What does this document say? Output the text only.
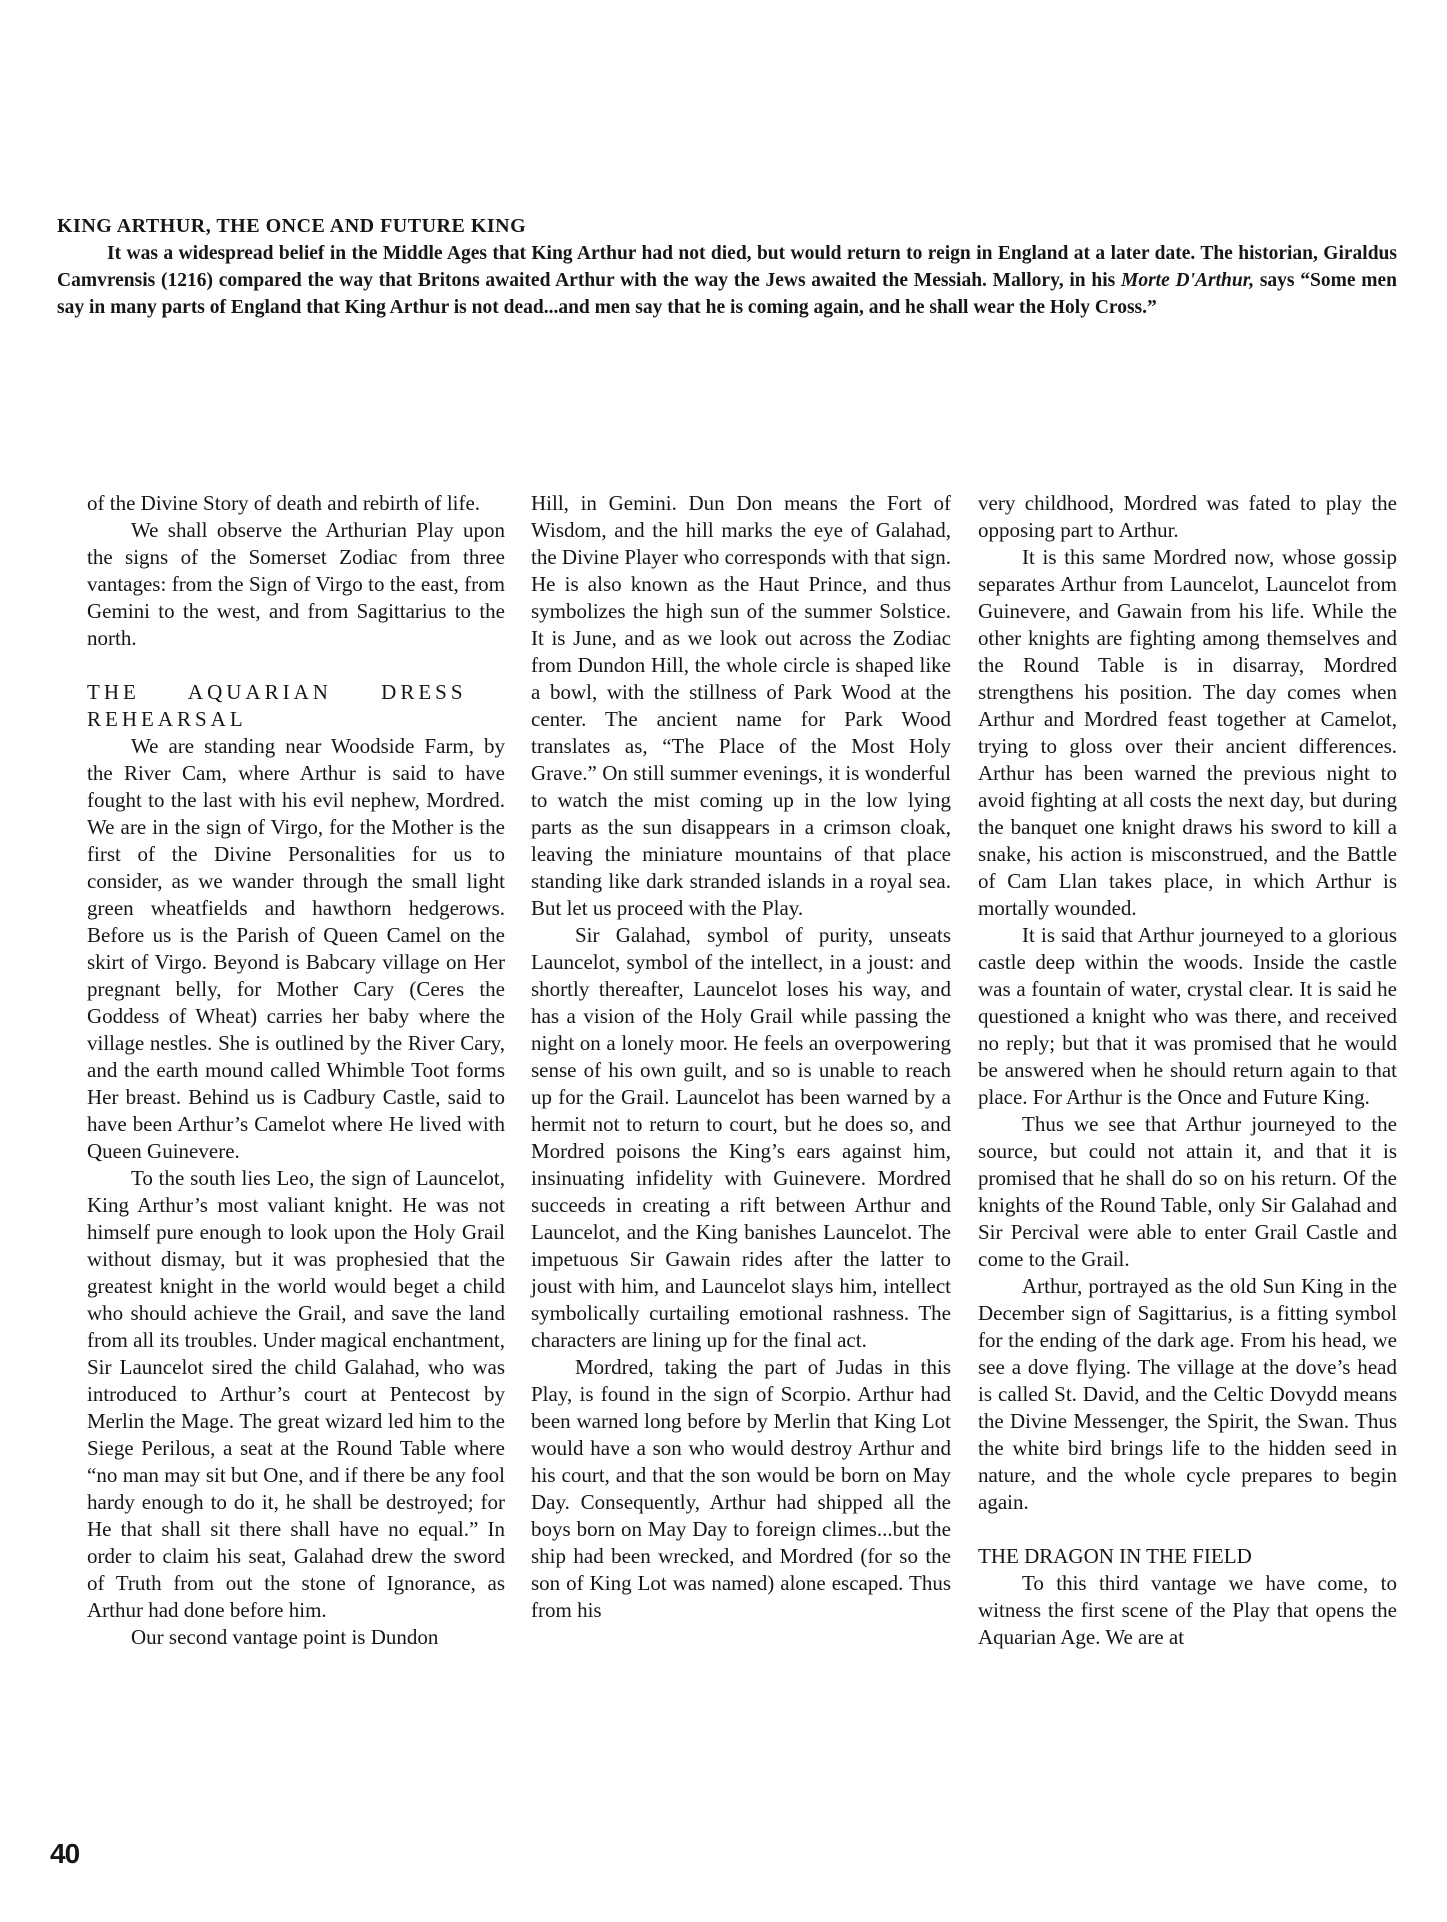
KING ARTHUR, THE ONCE AND FUTURE KING

It was a widespread belief in the Middle Ages that King Arthur had not died, but would return to reign in England at a later date. The historian, Giraldus Camvrensis (1216) compared the way that Britons awaited Arthur with the way the Jews awaited the Messiah. Mallory, in his Morte D'Arthur, says “Some men say in many parts of England that King Arthur is not dead...and men say that he is coming again, and he shall wear the Holy Cross.”

of the Divine Story of death and rebirth of life.

We shall observe the Arthurian Play upon the signs of the Somerset Zodiac from three vantages: from the Sign of Virgo to the east, from Gemini to the west, and from Sagittarius to the north.

THE AQUARIAN DRESS REHEARSAL

We are standing near Woodside Farm, by the River Cam, where Arthur is said to have fought to the last with his evil nephew, Mordred. We are in the sign of Virgo, for the Mother is the first of the Divine Personalities for us to consider, as we wander through the small light green wheatfields and hawthorn hedgerows. Before us is the Parish of Queen Camel on the skirt of Virgo. Beyond is Babcary village on Her pregnant belly, for Mother Cary (Ceres the Goddess of Wheat) carries her baby where the village nestles. She is outlined by the River Cary, and the earth mound called Whimble Toot forms Her breast. Behind us is Cadbury Castle, said to have been Arthur’s Camelot where He lived with Queen Guinevere.

To the south lies Leo, the sign of Launcelot, King Arthur’s most valiant knight. He was not himself pure enough to look upon the Holy Grail without dismay, but it was prophesied that the greatest knight in the world would beget a child who should achieve the Grail, and save the land from all its troubles. Under magical enchantment, Sir Launcelot sired the child Galahad, who was introduced to Arthur’s court at Pentecost by Merlin the Mage. The great wizard led him to the Siege Perilous, a seat at the Round Table where “no man may sit but One, and if there be any fool hardy enough to do it, he shall be destroyed; for He that shall sit there shall have no equal.” In order to claim his seat, Galahad drew the sword of Truth from out the stone of Ignorance, as Arthur had done before him.

Our second vantage point is Dundon

Hill, in Gemini. Dun Don means the Fort of Wisdom, and the hill marks the eye of Galahad, the Divine Player who corresponds with that sign. He is also known as the Haut Prince, and thus symbolizes the high sun of the summer Solstice. It is June, and as we look out across the Zodiac from Dundon Hill, the whole circle is shaped like a bowl, with the stillness of Park Wood at the center. The ancient name for Park Wood translates as, “The Place of the Most Holy Grave.” On still summer evenings, it is wonderful to watch the mist coming up in the low lying parts as the sun disappears in a crimson cloak, leaving the miniature mountains of that place standing like dark stranded islands in a royal sea. But let us proceed with the Play.

Sir Galahad, symbol of purity, unseats Launcelot, symbol of the intellect, in a joust: and shortly thereafter, Launcelot loses his way, and has a vision of the Holy Grail while passing the night on a lonely moor. He feels an overpowering sense of his own guilt, and so is unable to reach up for the Grail. Launcelot has been warned by a hermit not to return to court, but he does so, and Mordred poisons the King’s ears against him, insinuating infidelity with Guinevere. Mordred succeeds in creating a rift between Arthur and Launcelot, and the King banishes Launcelot. The impetuous Sir Gawain rides after the latter to joust with him, and Launcelot slays him, intellect symbolically curtailing emotional rashness. The characters are lining up for the final act.

Mordred, taking the part of Judas in this Play, is found in the sign of Scorpio. Arthur had been warned long before by Merlin that King Lot would have a son who would destroy Arthur and his court, and that the son would be born on May Day. Consequently, Arthur had shipped all the boys born on May Day to foreign climes...but the ship had been wrecked, and Mordred (for so the son of King Lot was named) alone escaped. Thus from his

very childhood, Mordred was fated to play the opposing part to Arthur.

It is this same Mordred now, whose gossip separates Arthur from Launcelot, Launcelot from Guinevere, and Gawain from his life. While the other knights are fighting among themselves and the Round Table is in disarray, Mordred strengthens his position. The day comes when Arthur and Mordred feast together at Camelot, trying to gloss over their ancient differences. Arthur has been warned the previous night to avoid fighting at all costs the next day, but during the banquet one knight draws his sword to kill a snake, his action is misconstrued, and the Battle of Cam Llan takes place, in which Arthur is mortally wounded.

It is said that Arthur journeyed to a glorious castle deep within the woods. Inside the castle was a fountain of water, crystal clear. It is said he questioned a knight who was there, and received no reply; but that it was promised that he would be answered when he should return again to that place. For Arthur is the Once and Future King.

Thus we see that Arthur journeyed to the source, but could not attain it, and that it is promised that he shall do so on his return. Of the knights of the Round Table, only Sir Galahad and Sir Percival were able to enter Grail Castle and come to the Grail.

Arthur, portrayed as the old Sun King in the December sign of Sagittarius, is a fitting symbol for the ending of the dark age. From his head, we see a dove flying. The village at the dove’s head is called St. David, and the Celtic Dovydd means the Divine Messenger, the Spirit, the Swan. Thus the white bird brings life to the hidden seed in nature, and the whole cycle prepares to begin again.

THE DRAGON IN THE FIELD

To this third vantage we have come, to witness the first scene of the Play that opens the Aquarian Age. We are at

40
